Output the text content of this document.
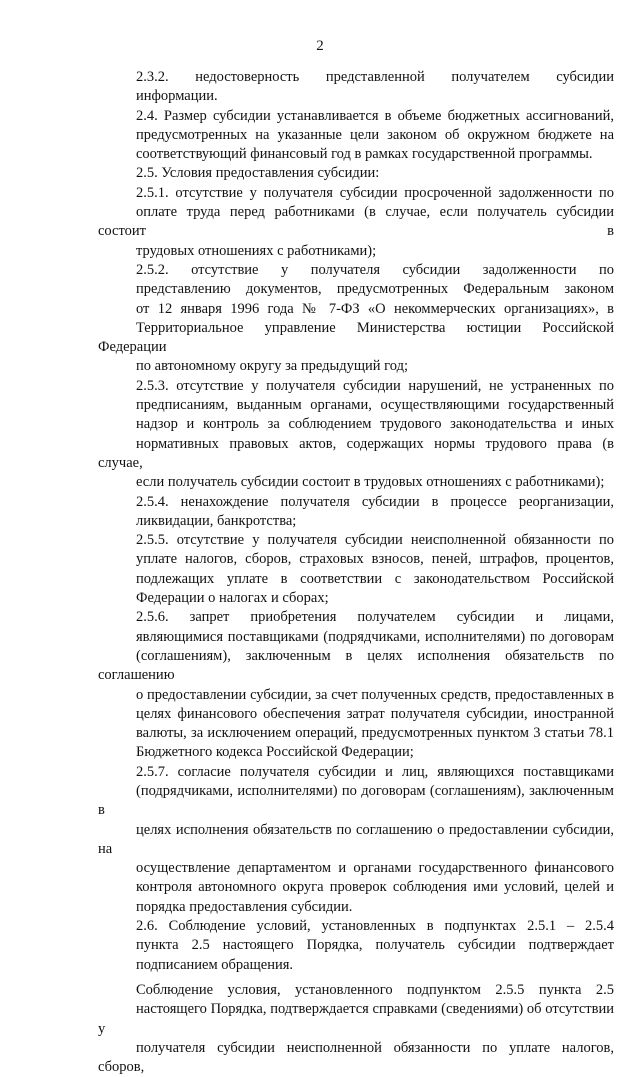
2

2.3.2. недостоверность представленной получателем субсидии
информации.

2.4. Размер субсидии устанавливается в объеме бюджетных ассигнований,
предусмотренных на указанные цели законом об окружном бюджете на
соответствующий финансовый год в рамках государственной программы.

2.5. Условия предоставления субсидии:

2.5.1. отсутствие у получателя субсидии просроченной задолженности по
оплате труда перед работниками (в случае, если получатель субсидии состоит в
трудовых отношениях с работниками);

2.5.2. отсутствие у получателя субсидии задолженности по
представлению документов, предусмотренных Федеральным законом
от 12 января 1996 года № 7-ФЗ «О некоммерческих организациях», в
Территориальное управление Министерства юстиции Российской Федерации
по автономному округу за предыдущий год;

2.5.3. отсутствие у получателя субсидии нарушений, не устраненных по
предписаниям, выданным органами, осуществляющими государственный
надзор и контроль за соблюдением трудового законодательства и иных
нормативных правовых актов, содержащих нормы трудового права (в случае,
если получатель субсидии состоит в трудовых отношениях с работниками);

2.5.4. ненахождение получателя субсидии в процессе реорганизации,
ликвидации, банкротства;

2.5.5. отсутствие у получателя субсидии неисполненной обязанности по
уплате налогов, сборов, страховых взносов, пеней, штрафов, процентов,
подлежащих уплате в соответствии с законодательством Российской
Федерации о налогах и сборах;

2.5.6. запрет приобретения получателем субсидии и лицами,
являющимися поставщиками (подрядчиками, исполнителями) по договорам
(соглашениям), заключенным в целях исполнения обязательств по соглашению
о предоставлении субсидии, за счет полученных средств, предоставленных в
целях финансового обеспечения затрат получателя субсидии, иностранной
валюты, за исключением операций, предусмотренных пунктом 3 статьи 78.1
Бюджетного кодекса Российской Федерации;

2.5.7. согласие получателя субсидии и лиц, являющихся поставщиками
(подрядчиками, исполнителями) по договорам (соглашениям), заключенным в
целях исполнения обязательств по соглашению о предоставлении субсидии, на
осуществление департаментом и органами государственного финансового
контроля автономного округа проверок соблюдения ими условий, целей и
порядка предоставления субсидии.

2.6. Соблюдение условий, установленных в подпунктах 2.5.1 – 2.5.4
пункта 2.5 настоящего Порядка, получатель субсидии подтверждает
подписанием обращения.

Соблюдение условия, установленного подпунктом 2.5.5 пункта 2.5
настоящего Порядка, подтверждается справками (сведениями) об отсутствии у
получателя субсидии неисполненной обязанности по уплате налогов, сборов,
